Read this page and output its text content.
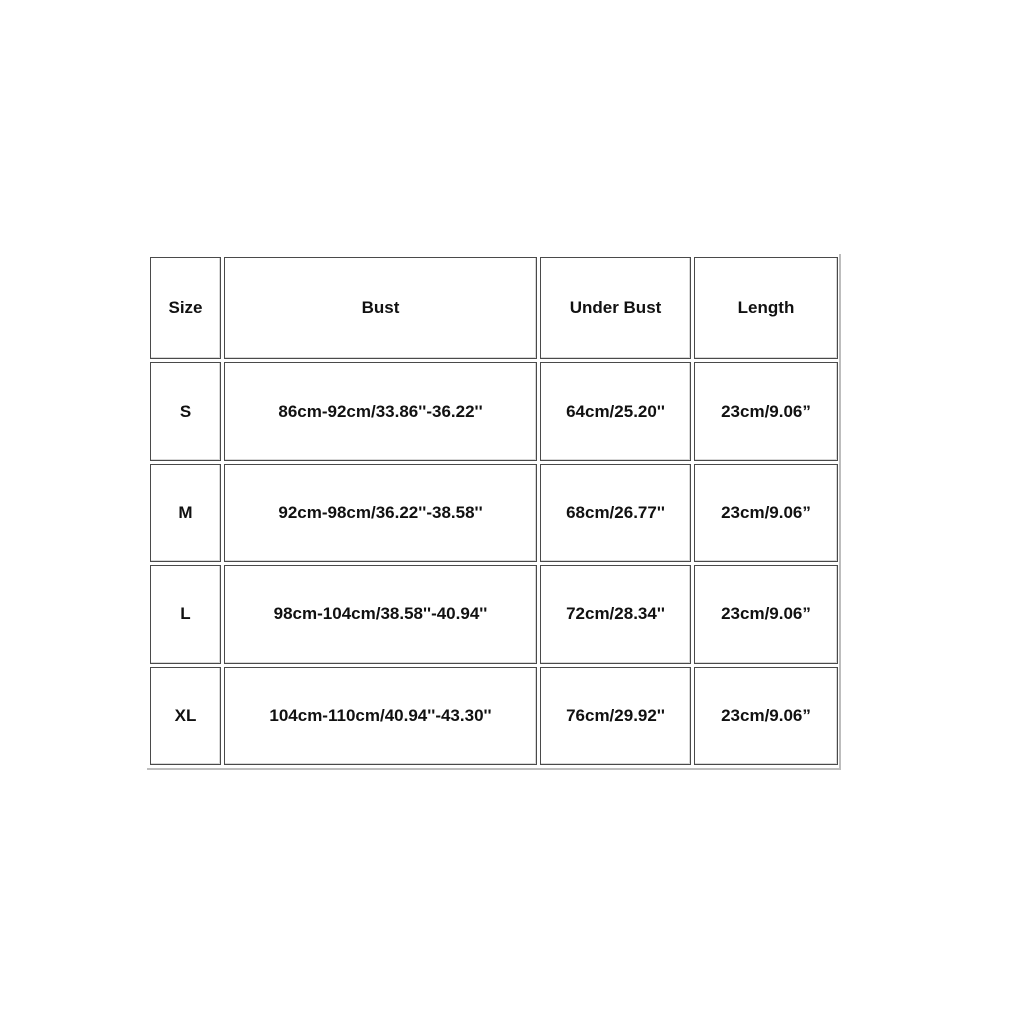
Size	Bust	Under Bust	Length
S	86cm-92cm/33.86''-36.22''	64cm/25.20''	23cm/9.06”
M	92cm-98cm/36.22''-38.58''	68cm/26.77''	23cm/9.06”
L	98cm-104cm/38.58''-40.94''	72cm/28.34''	23cm/9.06”
XL	104cm-110cm/40.94''-43.30''	76cm/29.92''	23cm/9.06”
